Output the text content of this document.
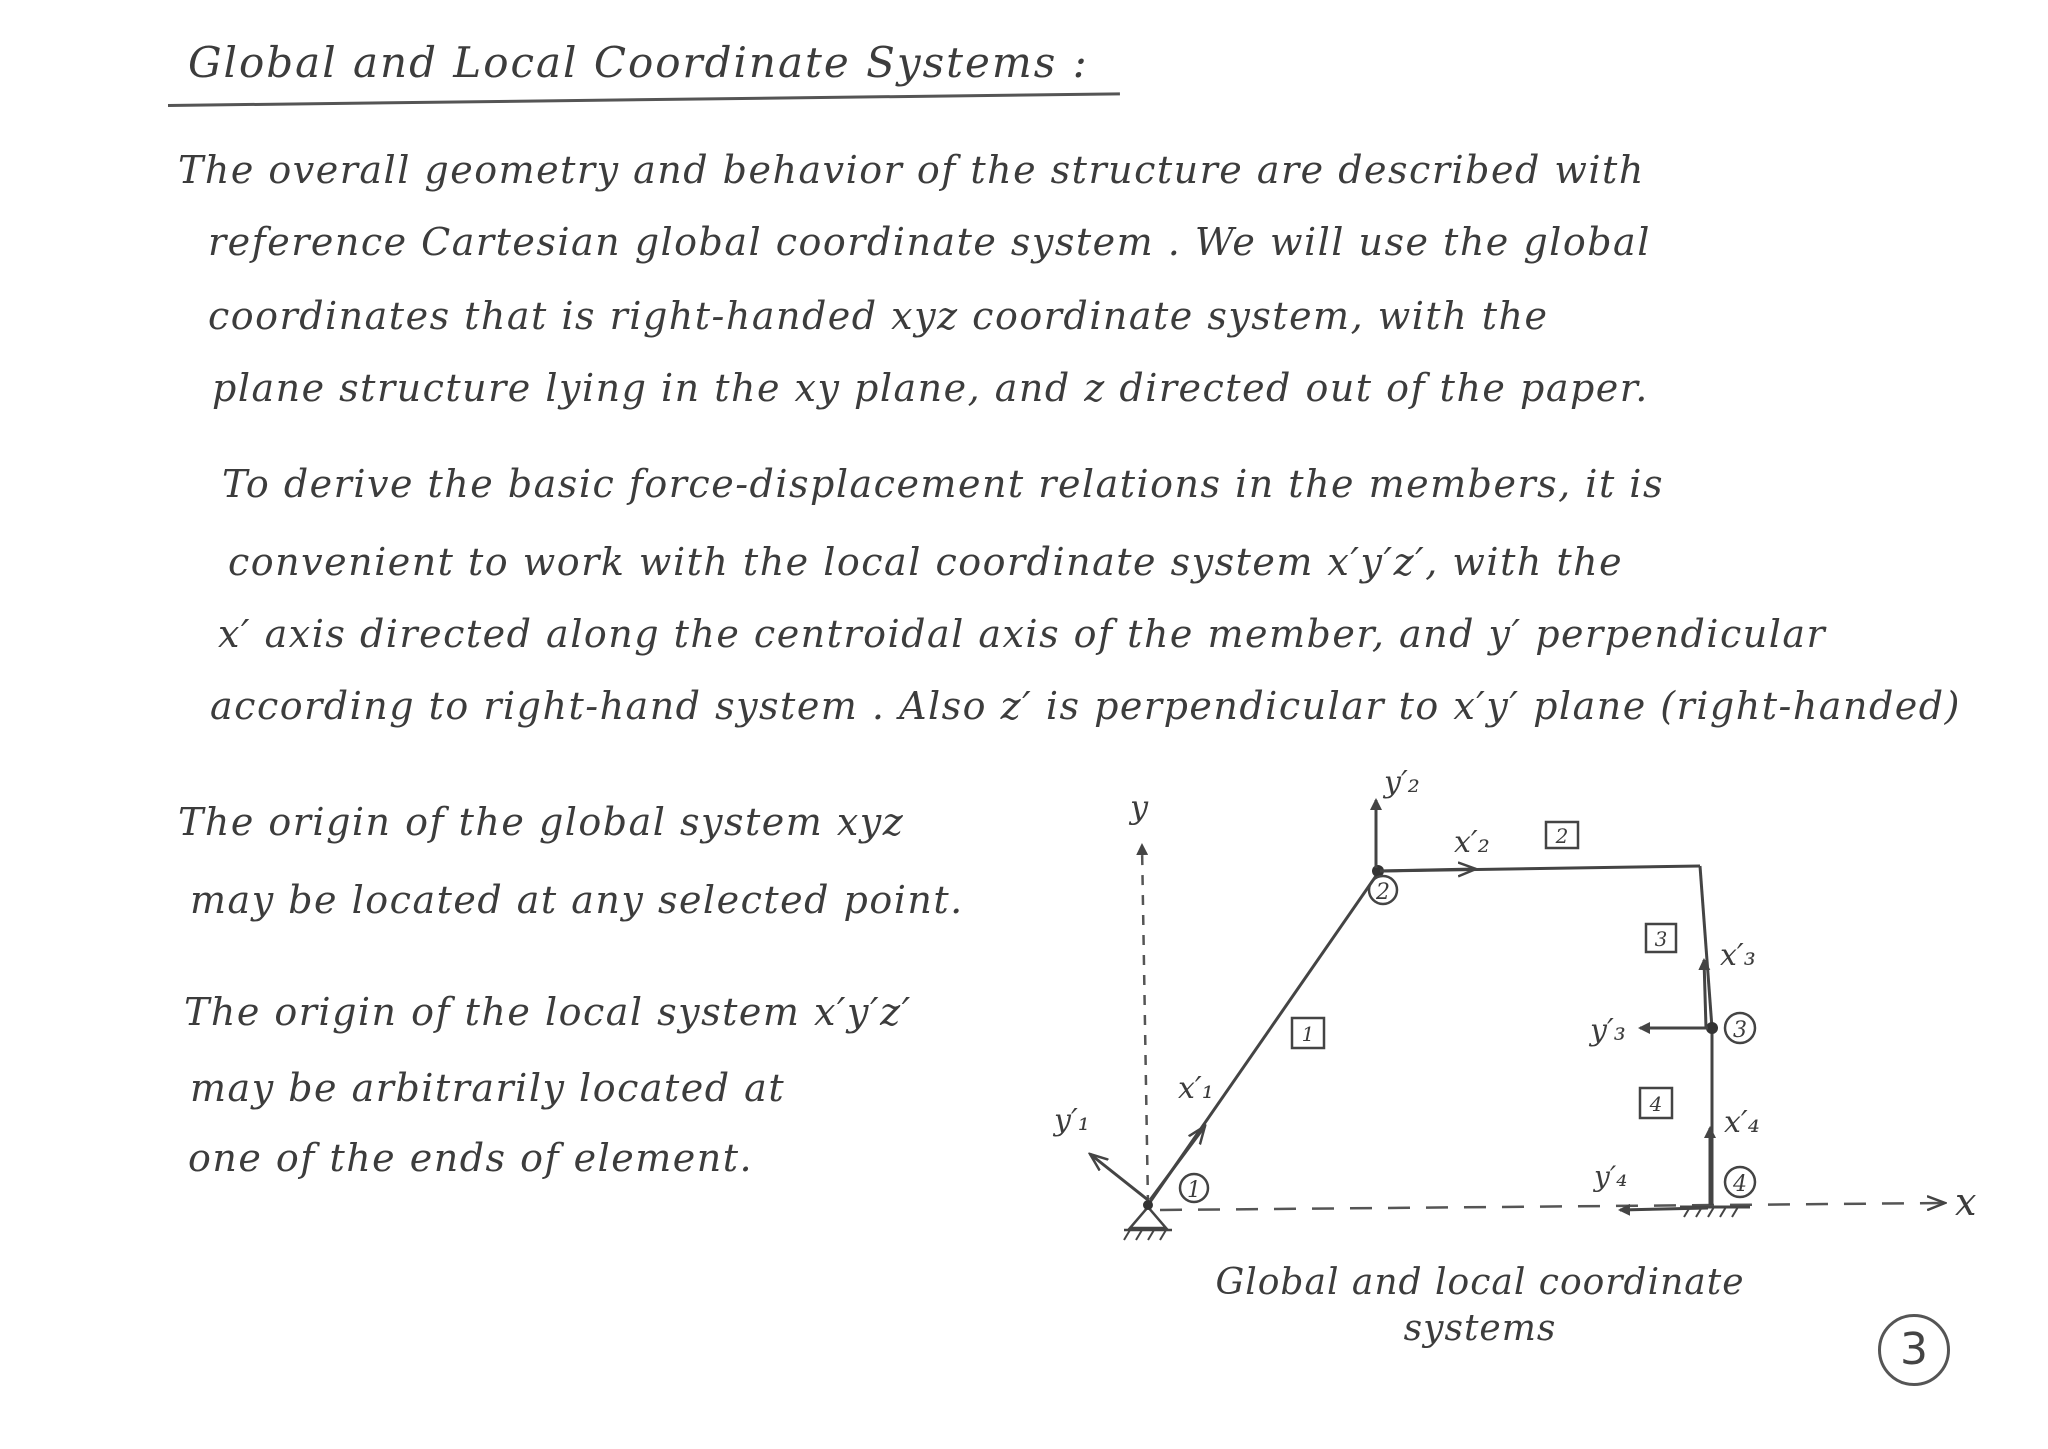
Global and Local Coordinate Systems :
The overall geometry and behavior of the structure are described with
reference Cartesian global coordinate system . We will use the global
coordinates that is right-handed xyz coordinate system, with the
plane structure lying in the xy plane, and z directed out of the paper.
To derive the basic force-displacement relations in the members, it is
convenient to work with the local coordinate system x′y′z′, with the
x′ axis directed along the centroidal axis of the member, and y′ perpendicular
according to right-hand system . Also z′ is perpendicular to x′y′ plane (right-handed)
The origin of the global system xyz
may be located at any selected point.
The origin of the local system x′y′z′
may be arbitrarily located at
one of the ends of element.
y
x
1
2
3
4
1
2
3
4
x′₁
y′₁
x′₂
y′₂
x′₃
y′₃
x′₄
y′₄
Global and local coordinate
systems	3
